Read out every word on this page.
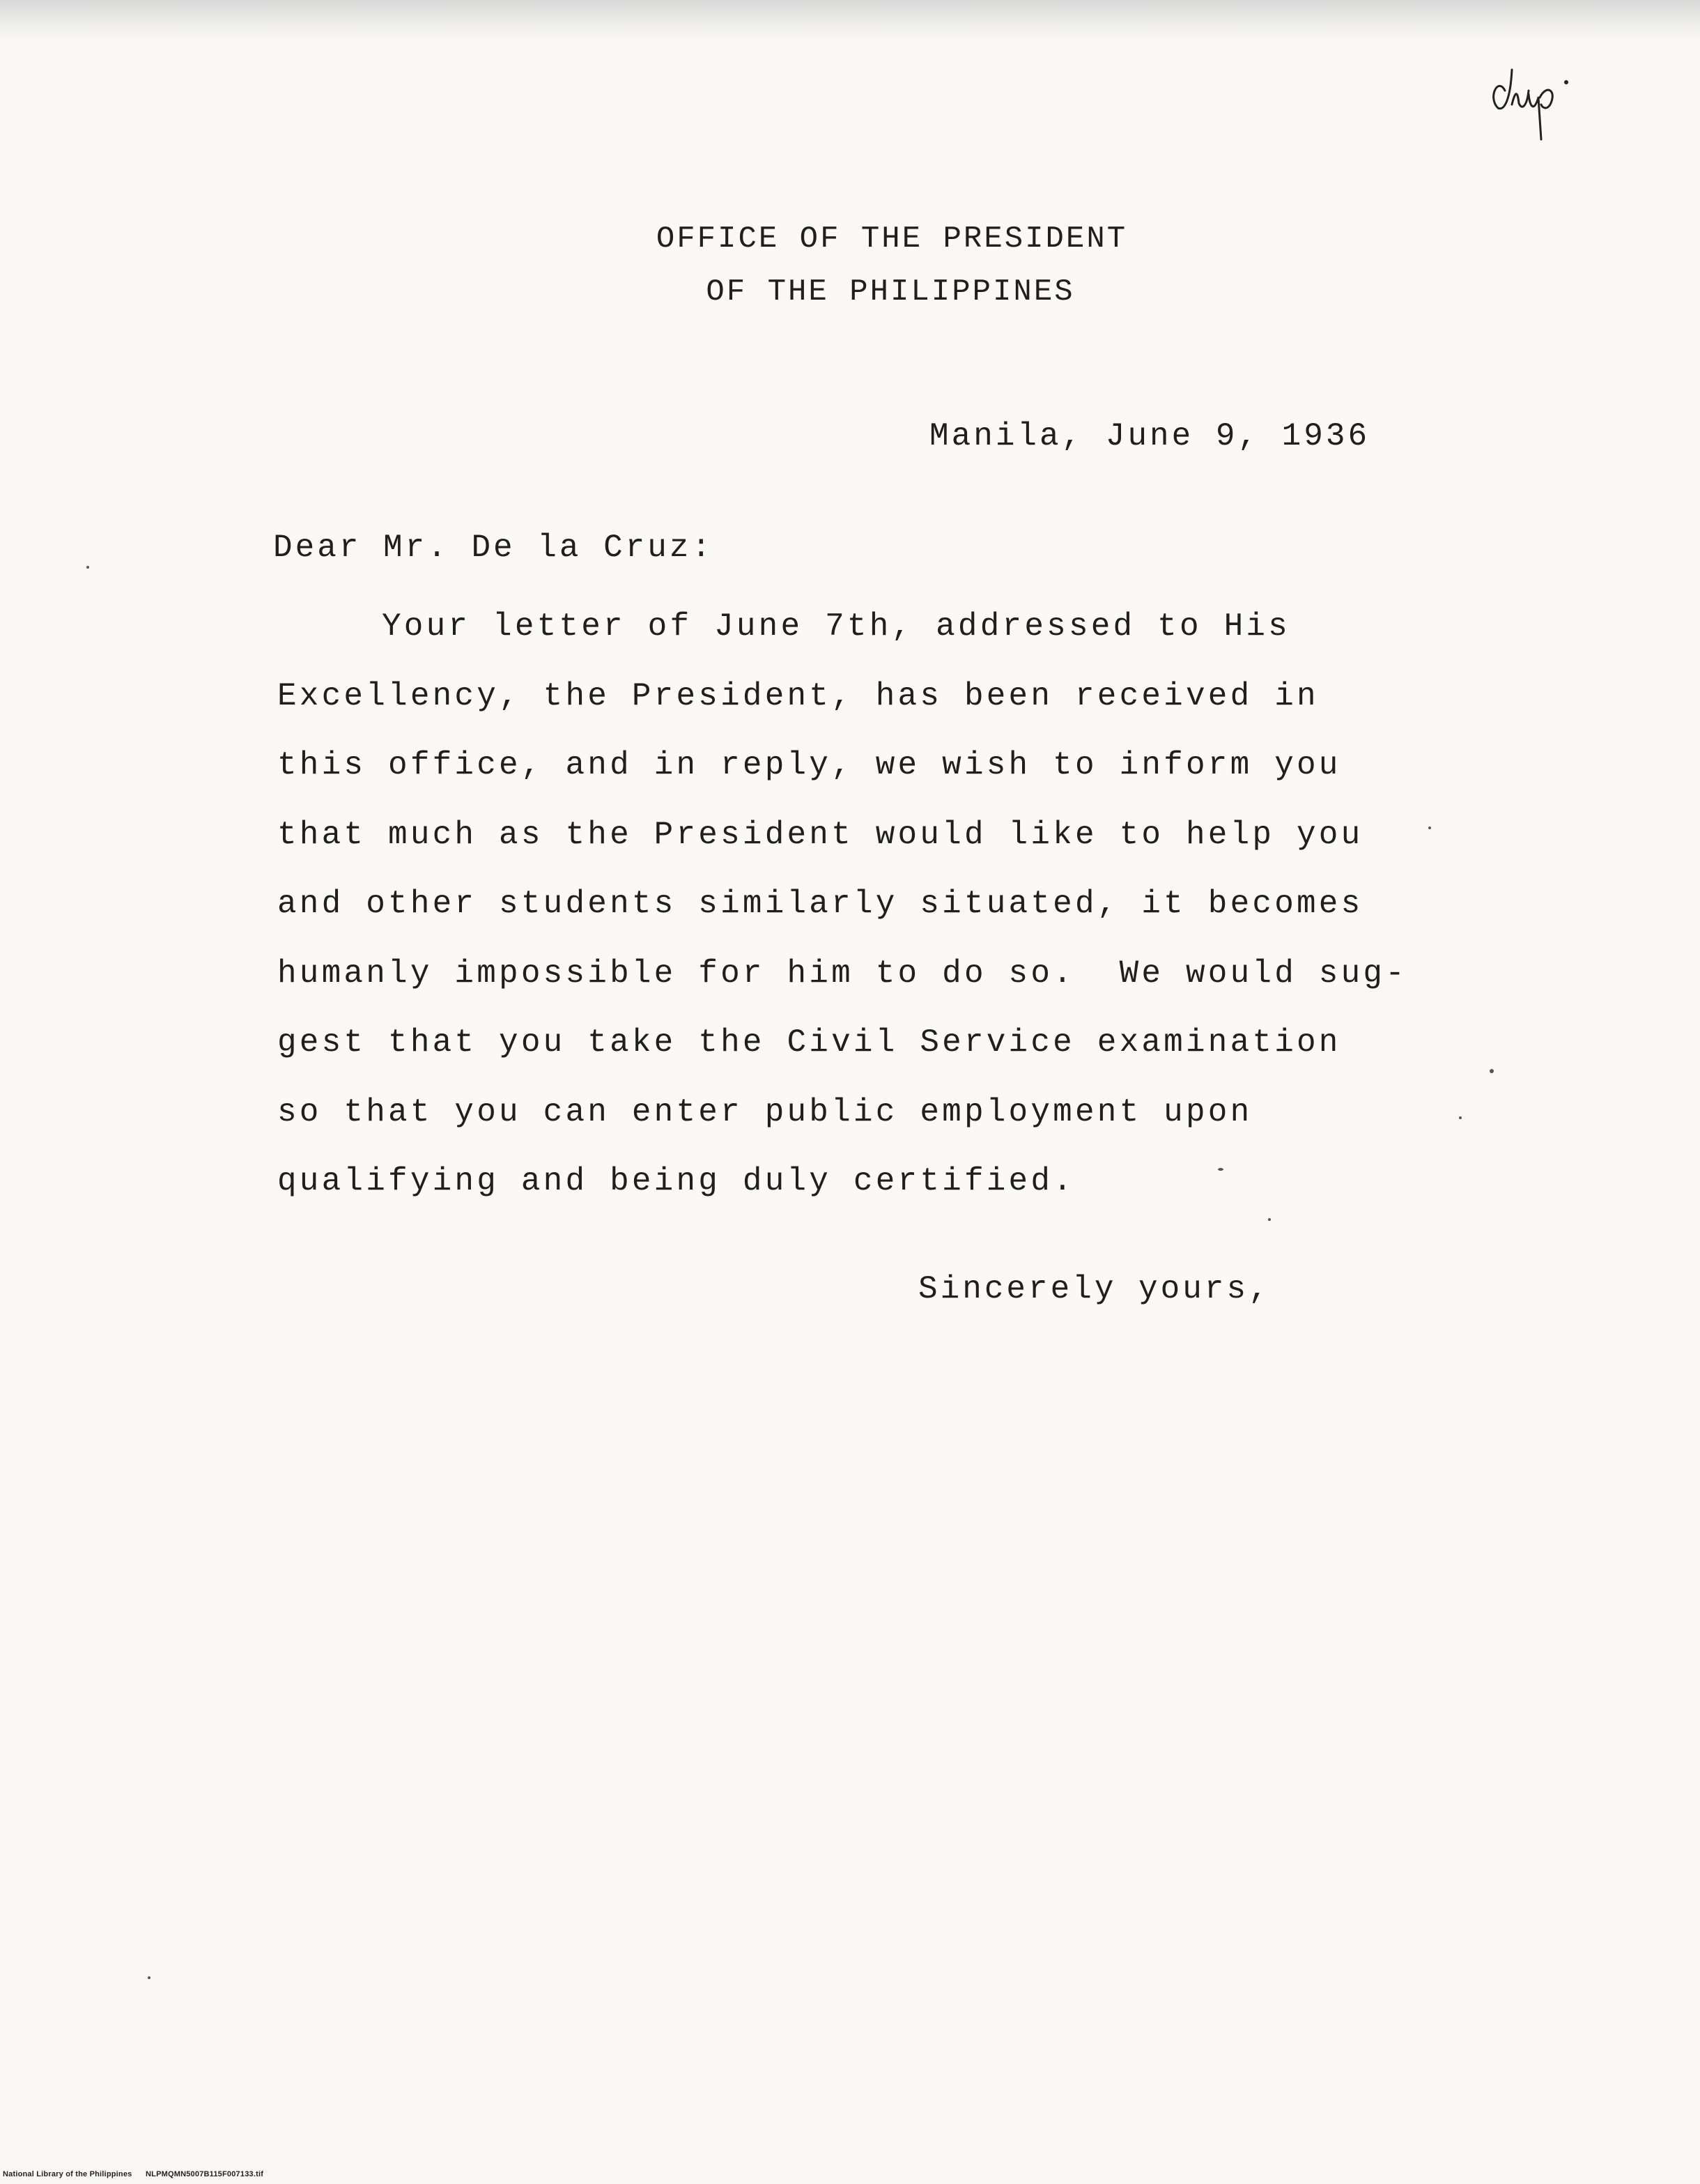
OFFICE OF THE PRESIDENT
OF THE PHILIPPINES
Manila, June 9, 1936
Dear Mr. De la Cruz:
Your letter of June 7th, addressed to His
Excellency, the President, has been received in
this office, and in reply, we wish to inform you
that much as the President would like to help you
and other students similarly situated, it becomes
humanly impossible for him to do so.  We would sug-
gest that you take the Civil Service examination
so that you can enter public employment upon
qualifying and being duly certified.
Sincerely yours,
National Library of the Philippines NLPMQMN5007B115F007133.tif
